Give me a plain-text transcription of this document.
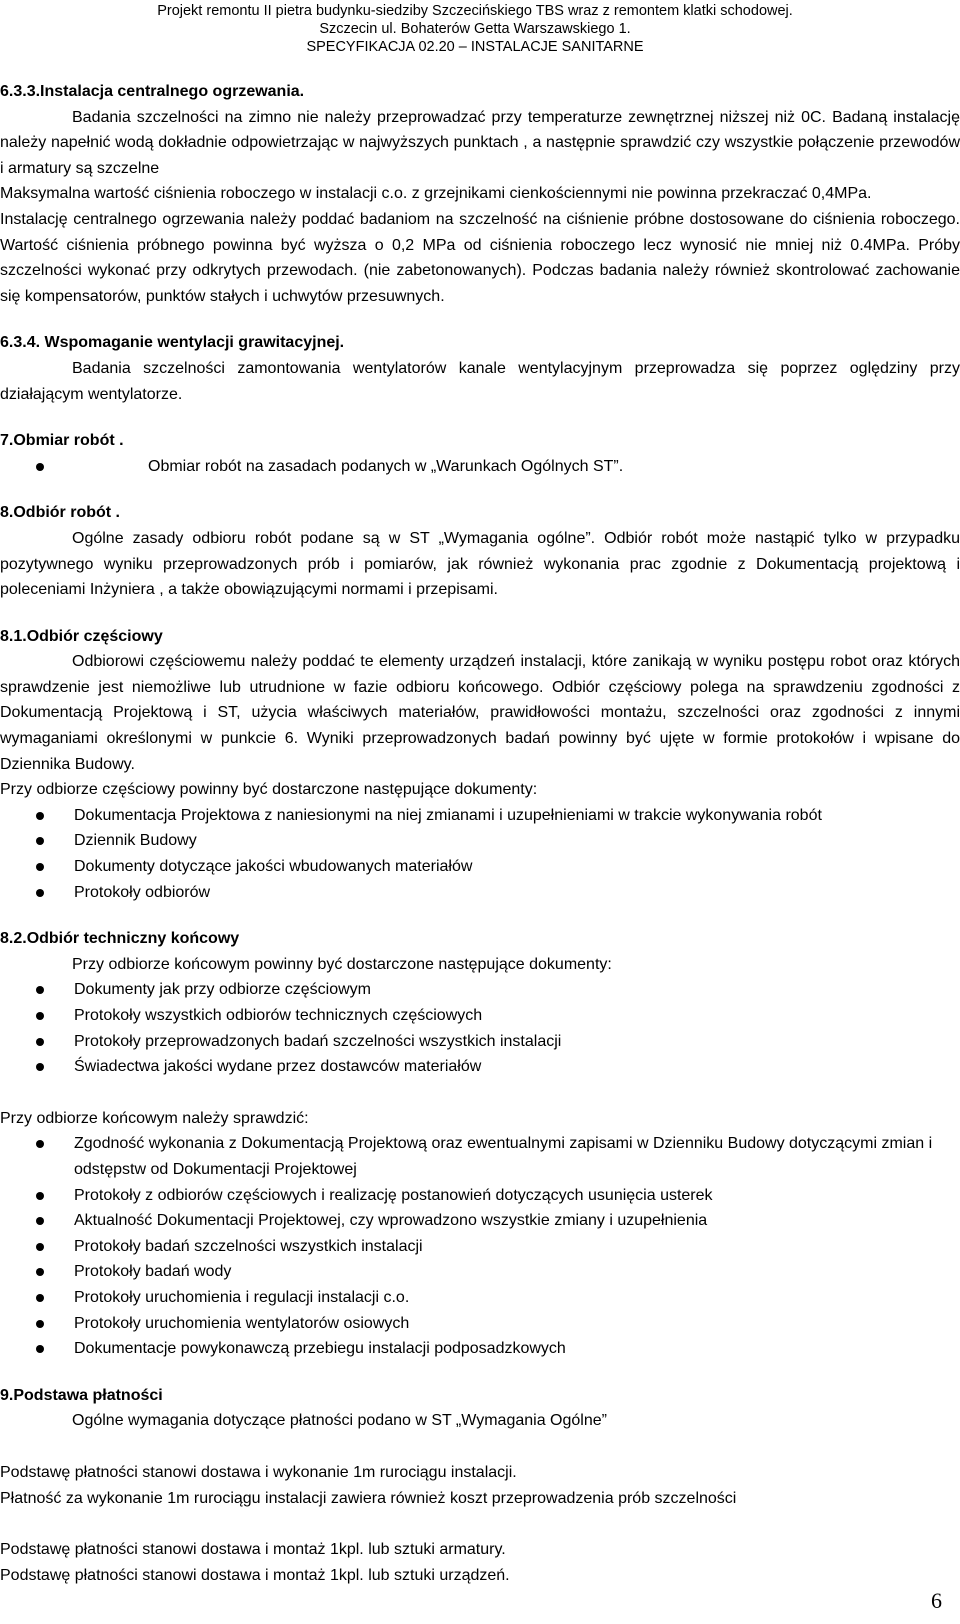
Projekt remontu II pietra budynku-siedziby Szczecińskiego TBS wraz z remontem klatki schodowej.
Szczecin ul. Bohaterów Getta Warszawskiego 1.
SPECYFIKACJA 02.20 – INSTALACJE SANITARNE

6.3.3.Instalacja centralnego ogrzewania.

Badania szczelności na zimno nie należy przeprowadzać przy temperaturze zewnętrznej niższej niż 0C. Badaną instalację należy napełnić wodą dokładnie odpowietrzając w najwyższych punktach , a następnie sprawdzić czy wszystkie połączenie przewodów i armatury są szczelne

Maksymalna wartość ciśnienia roboczego w instalacji c.o. z grzejnikami cienkościennymi nie powinna przekraczać 0,4MPa.

Instalację centralnego ogrzewania należy poddać badaniom na szczelność na ciśnienie próbne dostosowane do ciśnienia roboczego. Wartość ciśnienia próbnego powinna być wyższa o 0,2 MPa od ciśnienia roboczego lecz wynosić nie mniej niż 0.4MPa. Próby szczelności wykonać przy odkrytych przewodach. (nie zabetonowanych). Podczas badania należy również skontrolować zachowanie się kompensatorów, punktów stałych i uchwytów przesuwnych.

6.3.4. Wspomaganie wentylacji grawitacyjnej.

Badania szczelności zamontowania wentylatorów kanale wentylacyjnym przeprowadza się poprzez oględziny przy działającym wentylatorze.

7.Obmiar robót .

Obmiar robót na zasadach podanych w „Warunkach Ogólnych ST”.

8.Odbiór robót .

Ogólne zasady odbioru robót podane są w ST „Wymagania ogólne”. Odbiór robót może nastąpić tylko w przypadku pozytywnego wyniku przeprowadzonych prób i pomiarów, jak również wykonania prac zgodnie z Dokumentacją projektową i poleceniami Inżyniera , a także obowiązującymi normami i przepisami.

8.1.Odbiór częściowy

Odbiorowi częściowemu należy poddać te elementy urządzeń instalacji, które zanikają w wyniku postępu robot oraz których sprawdzenie jest niemożliwe lub utrudnione w fazie odbioru końcowego. Odbiór częściowy polega na sprawdzeniu zgodności z Dokumentacją Projektową i ST, użycia właściwych materiałów, prawidłowości montażu, szczelności oraz zgodności z innymi wymaganiami określonymi w punkcie 6. Wyniki przeprowadzonych badań powinny być ujęte w formie protokołów i wpisane do Dziennika Budowy.

Przy odbiorze częściowy powinny być dostarczone następujące dokumenty:

Dokumentacja Projektowa z naniesionymi na niej zmianami i uzupełnieniami w trakcie wykonywania robót
Dziennik Budowy
Dokumenty dotyczące jakości wbudowanych materiałów
Protokoły odbiorów

8.2.Odbiór techniczny końcowy

Przy odbiorze końcowym powinny być dostarczone następujące dokumenty:

Dokumenty jak przy odbiorze częściowym
Protokoły wszystkich odbiorów technicznych częściowych
Protokoły przeprowadzonych badań szczelności wszystkich instalacji
Świadectwa jakości wydane przez dostawców materiałów

Przy odbiorze końcowym należy sprawdzić:

Zgodność wykonania z Dokumentacją Projektową oraz ewentualnymi zapisami w Dzienniku Budowy dotyczącymi zmian i odstępstw od Dokumentacji Projektowej
Protokoły z odbiorów częściowych i realizację postanowień dotyczących usunięcia usterek
Aktualność Dokumentacji Projektowej, czy wprowadzono wszystkie zmiany i uzupełnienia
Protokoły badań szczelności wszystkich instalacji
Protokoły badań wody
Protokoły uruchomienia i regulacji instalacji c.o.
Protokoły uruchomienia wentylatorów osiowych
Dokumentacje powykonawczą przebiegu instalacji podposadzkowych

9.Podstawa płatności

Ogólne wymagania dotyczące płatności podano w ST „Wymagania Ogólne”

Podstawę płatności stanowi dostawa i wykonanie 1m rurociągu instalacji.

Płatność za wykonanie 1m rurociągu instalacji zawiera również koszt przeprowadzenia prób szczelności

Podstawę płatności stanowi dostawa i montaż 1kpl. lub sztuki armatury.

Podstawę płatności stanowi dostawa i montaż 1kpl. lub sztuki urządzeń.

6
